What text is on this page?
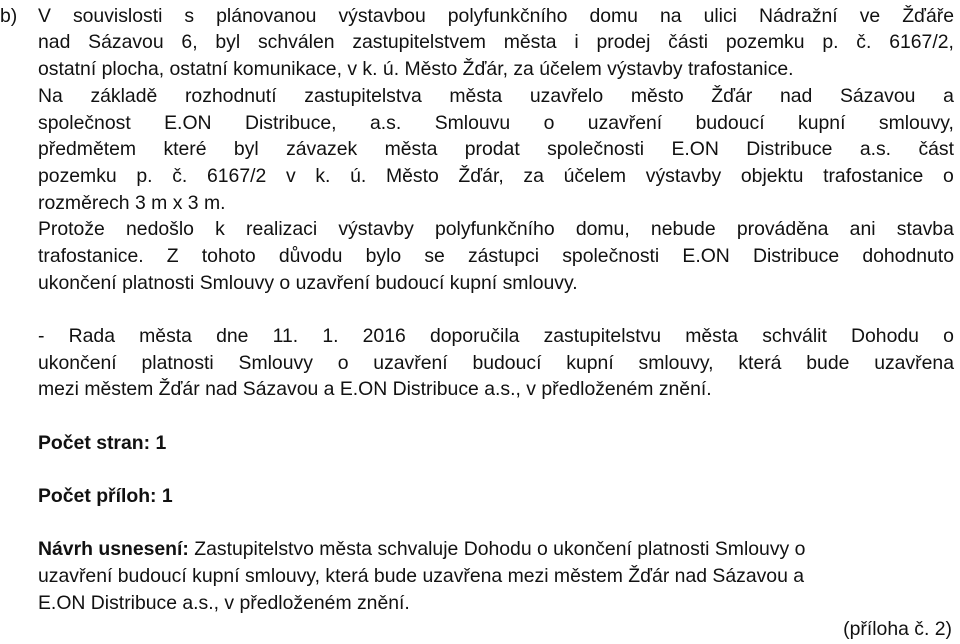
b) V souvislosti s plánovanou výstavbou polyfunkčního domu na ulici Nádražní ve Žďáře
nad Sázavou 6, byl schválen zastupitelstvem města i prodej části pozemku p. č. 6167/2,
ostatní plocha, ostatní komunikace, v k. ú. Město Žďár, za účelem výstavby trafostanice.
Na základě rozhodnutí zastupitelstva města uzavřelo město Žďár nad Sázavou a
společnost E.ON Distribuce, a.s. Smlouvu o uzavření budoucí kupní smlouvy,
předmětem které byl závazek města prodat společnosti E.ON Distribuce a.s. část
pozemku p. č. 6167/2 v k. ú. Město Žďár, za účelem výstavby objektu trafostanice o
rozměrech 3 m x 3 m.
Protože nedošlo k realizaci výstavby polyfunkčního domu, nebude prováděna ani stavba
trafostanice. Z tohoto důvodu bylo se zástupci společnosti E.ON Distribuce dohodnuto
ukončení platnosti Smlouvy o uzavření budoucí kupní smlouvy.
- Rada města dne 11. 1. 2016 doporučila zastupitelstvu města schválit Dohodu o
ukončení platnosti Smlouvy o uzavření budoucí kupní smlouvy, která bude uzavřena
mezi městem Žďár nad Sázavou a E.ON Distribuce a.s., v předloženém znění.
Počet stran: 1
Počet příloh: 1
Návrh usnesení: Zastupitelstvo města schvaluje Dohodu o ukončení platnosti Smlouvy o
uzavření budoucí kupní smlouvy, která bude uzavřena mezi městem Žďár nad Sázavou a
E.ON Distribuce a.s., v předloženém znění.
(příloha č. 2)
